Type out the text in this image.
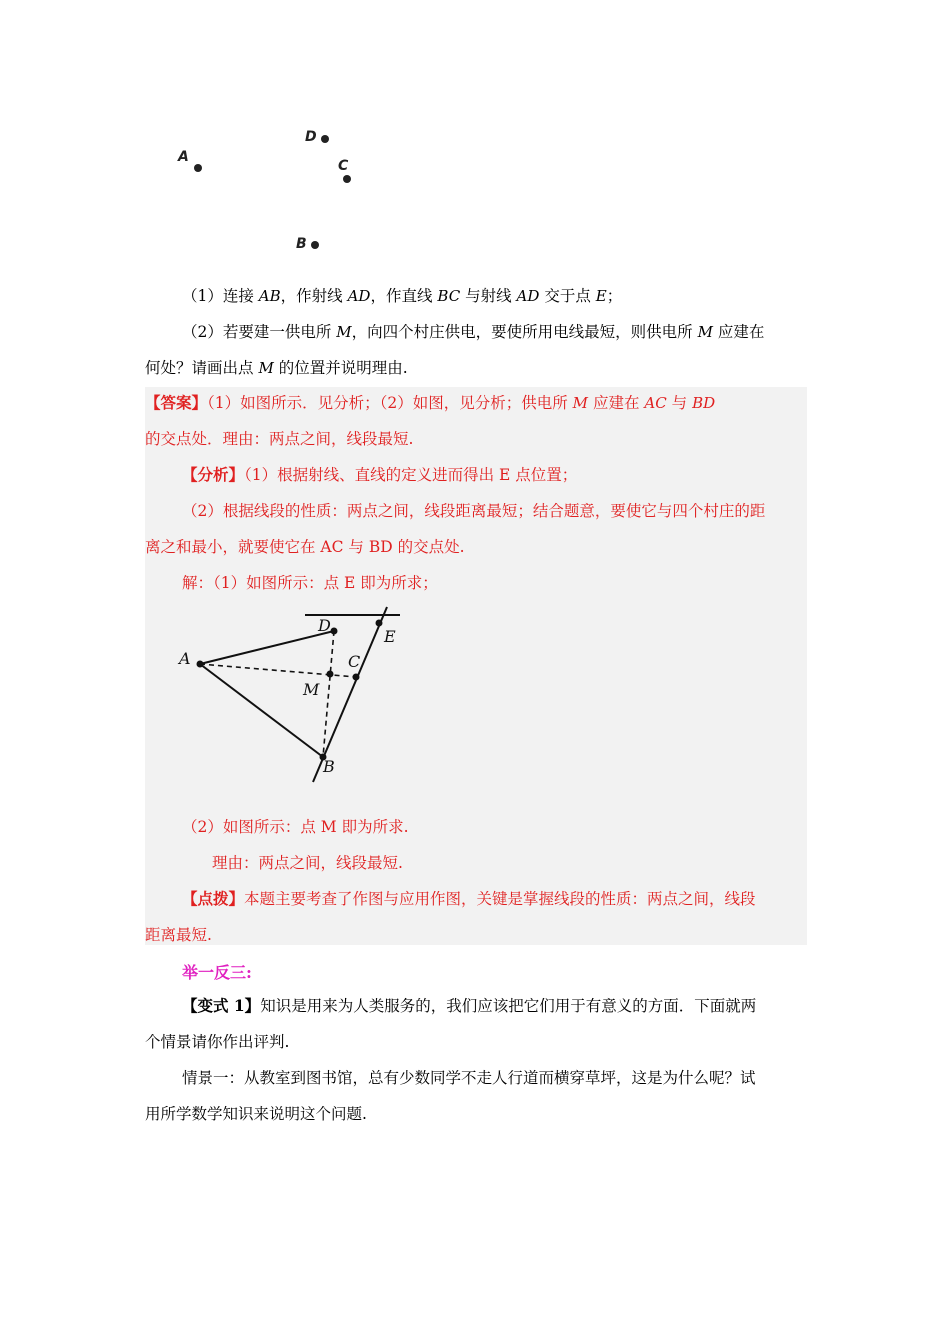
A
D
C
B
（1）连接 AB，作射线 AD，作直线 BC 与射线 AD 交于点 E；
（2）若要建一供电所 M，向四个村庄供电，要使所用电线最短，则供电所 M 应建在
何处？请画出点 M 的位置并说明理由.
【答案】（1）如图所示．见分析；（2）如图，见分析；供电所 M 应建在 AC 与 BD
的交点处．理由：两点之间，线段最短.
【分析】（1）根据射线、直线的定义进而得出 E 点位置；
（2）根据线段的性质：两点之间，线段距离最短；结合题意，要使它与四个村庄的距
离之和最小，就要使它在 AC 与 BD 的交点处.
解：（1）如图所示：点 E 即为所求；
A
D
E
C
M
B
（2）如图所示：点 M 即为所求.
理由：两点之间，线段最短.
【点拨】本题主要考查了作图与应用作图，关键是掌握线段的性质：两点之间，线段
距离最短.
举一反三:
【变式 1】知识是用来为人类服务的，我们应该把它们用于有意义的方面．下面就两
个情景请你作出评判.
情景一：从教室到图书馆，总有少数同学不走人行道而横穿草坪，这是为什么呢？试
用所学数学知识来说明这个问题.
